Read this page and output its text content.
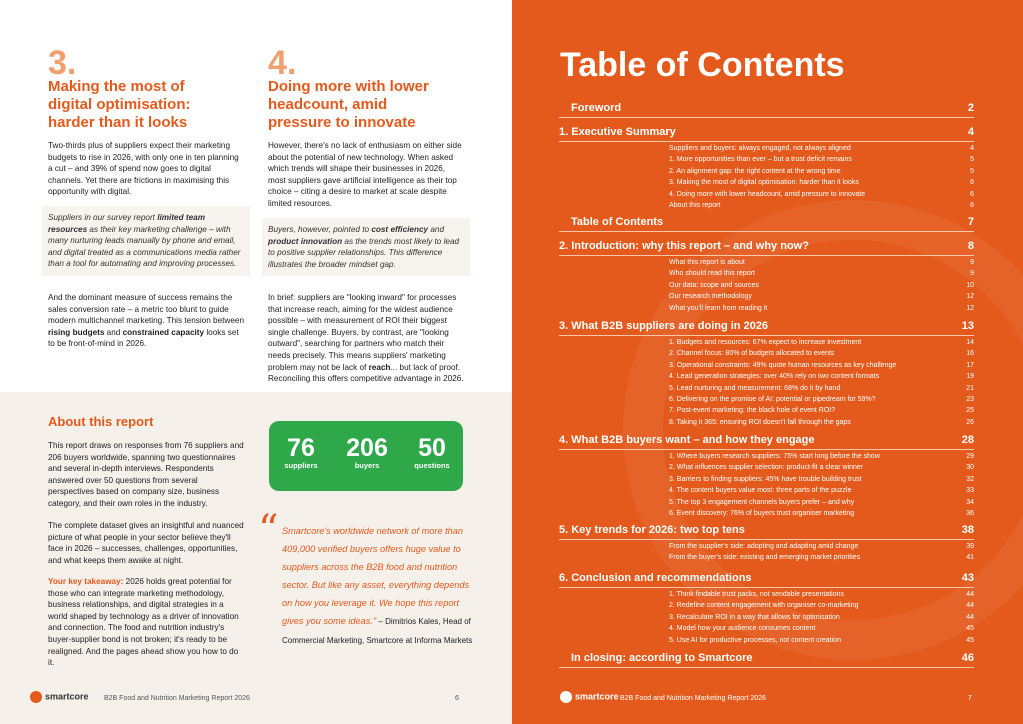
3.
Making the most of
digital optimisation:
harder than it looks

Two-thirds plus of suppliers expect their marketing budgets to rise in 2026, with only one in ten planning a cut – and 39% of spend now goes to digital channels. Yet there are frictions in maximising this opportunity with digital.

Suppliers in our survey report limited team resources as their key marketing challenge – with many nurturing leads manually by phone and email, and digital treated as a communications media rather than a tool for automating and improving processes.

And the dominant measure of success remains the sales conversion rate – a metric too blunt to guide modern multichannel marketing. This tension between rising budgets and constrained capacity looks set to be front-of-mind in 2026.

4.
Doing more with lower
headcount, amid
pressure to innovate

However, there's no lack of enthusiasm on either side about the potential of new technology. When asked which trends will shape their businesses in 2026, most suppliers gave artificial intelligence as their top choice – citing a desire to market at scale despite limited resources.

Buyers, however, pointed to cost efficiency and product innovation as the trends most likely to lead to positive supplier relationships. This difference illustrates the broader mindset gap.

In brief: suppliers are "looking inward" for processes that increase reach, aiming for the widest audience possible – with measurement of ROI their biggest single challenge. Buyers, by contrast, are "looking outward", searching for partners who match their needs precisely. This means suppliers' marketing problem may not be lack of reach... but lack of proof. Reconciling this offers competitive advantage in 2026.

About this report

This report draws on responses from 76 suppliers and 206 buyers worldwide, spanning two questionnaires and several in-depth interviews. Respondents answered over 50 questions from several perspectives based on company size, business category, and their own roles in the industry.

The complete dataset gives an insightful and nuanced picture of what people in your sector believe they'll face in 2026 – successes, challenges, opportunities, and what keeps them awake at night.

Your key takeaway: 2026 holds great potential for those who can integrate marketing methodology, business relationships, and digital strategies in a world shaped by technology as a driver of innovation and connection. The food and nutrition industry's buyer-supplier bond is not broken; it's ready to be realigned. And the pages ahead show you how to do it.

76
suppliers
206
buyers
50
questions
“ Smartcore's worldwide network of more than 409,000 verified buyers offers huge value to suppliers across the B2B food and nutrition sector. But like any asset, everything depends on how you leverage it. We hope this report gives you some ideas." – Dimitrios Kales, Head of Commercial Marketing, Smartcore at Informa Markets
smartcore B2B Food and Nutrition Marketing Report 2026	6
Table of Contents
Foreword	2
1. Executive Summary	4
Suppliers and buyers: always engaged, not always aligned	4
1. More opportunities than ever – but a trust deficit remains	5
2. An alignment gap: the right content at the wrong time	5
3. Making the most of digital optimisation: harder than it looks	6
4. Doing more with lower headcount, amid pressure to innovate	6
About this report	6
Table of Contents	7
2. Introduction: why this report – and why now?	8
What this report is about	9
Who should read this report	9
Our data: scope and sources	10
Our research methodology	12
What you'll learn from reading it	12
3. What B2B suppliers are doing in 2026	13
1. Budgets and resources: 67% expect to increase investment	14
2. Channel focus: 80% of budgets allocated to events	16
3. Operational constraints: 49% quote human resources as key challenge	17
4. Lead generation strategies: over 40% rely on two content formats	19
5. Lead nurturing and measurement: 68% do it by hand	21
6. Delivering on the promise of AI: potential or pipedream for 59%?	23
7. Post-event marketing: the black hole of event ROI?	25
8. Taking it 365: ensuring ROI doesn't fall through the gaps	26
4. What B2B buyers want – and how they engage	28
1. Where buyers research suppliers: 75% start long before the show	29
2. What influences supplier selection: product-fit a clear winner	30
3. Barriers to finding suppliers: 45% have trouble building trust	32
4. The content buyers value most: three parts of the puzzle	33
5. The top 3 engagement channels buyers prefer – and why	34
6. Event discovery: 76% of buyers trust organiser marketing	36
5. Key trends for 2026: two top tens	38
From the supplier's side: adopting and adapting amid change	39
From the buyer's side: existing and emerging market priorities	41
6. Conclusion and recommendations	43
1. Think findable trust packs, not sendable presentations	44
2. Redefine content engagement with organiser co-marketing	44
3. Recalculate ROI in a way that allows for optimisation	44
4. Model how your audience consumes content	45
5. Use AI for productive processes, not content creation	45
In closing: according to Smartcore	46
smartcore B2B Food and Nutrition Marketing Report 2026	7
